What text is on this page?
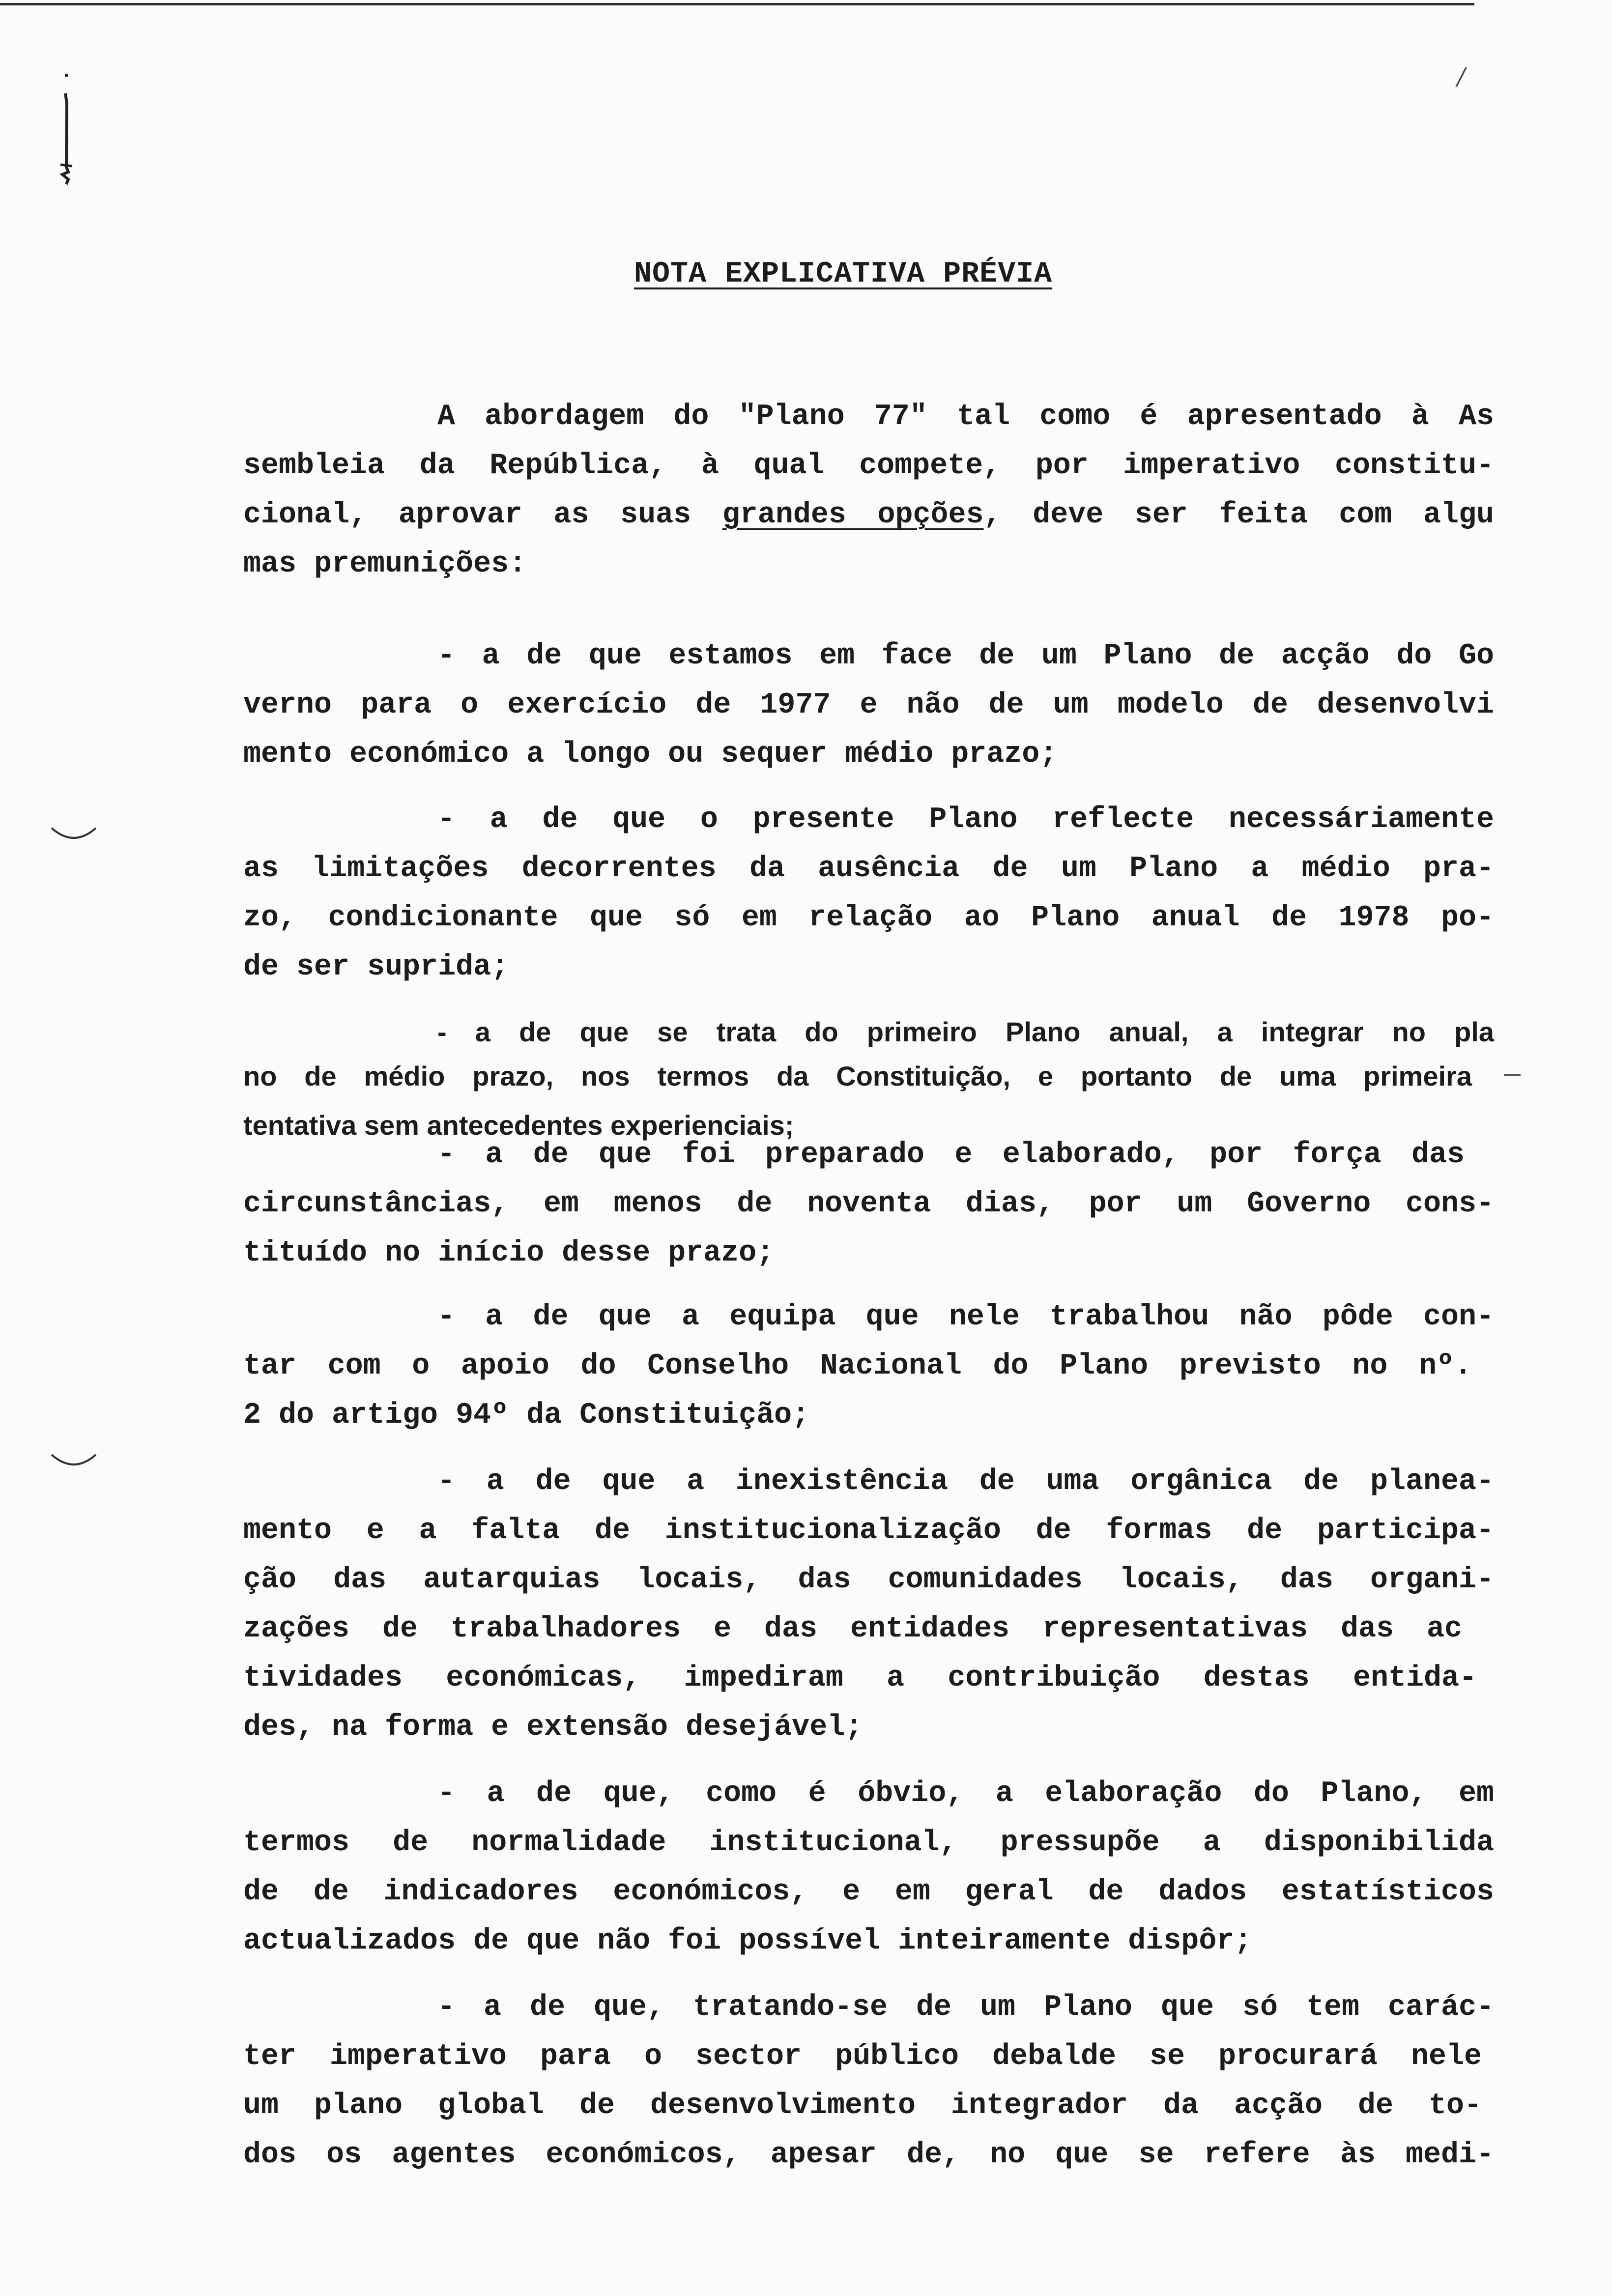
/
NOTA EXPLICATIVA PRÉVIA
A abordagem do "Plano 77" tal como é apresentado à As
sembleia da República, à qual compete, por imperativo constitu-
cional, aprovar as suas grandes opções, deve ser feita com algu
mas premunições:
- a de que estamos em face de um Plano de acção do Go
verno para o exercício de 1977 e não de um modelo de desenvolvi
mento económico a longo ou sequer médio prazo;
- a de que o presente Plano reflecte necessáriamente
as limitações decorrentes da ausência de um Plano a médio pra-
zo, condicionante que só em relação ao Plano anual de 1978 po-
de ser suprida;
- a de que se trata do primeiro Plano anual, a integrar no pla
no de médio prazo, nos termos da Constituição, e portanto de uma primeira
tentativa sem antecedentes experienciais;
- a de que foi preparado e elaborado, por força das
circunstâncias, em menos de noventa dias, por um Governo cons-
tituído no início desse prazo;
- a de que a equipa que nele trabalhou não pôde con-
tar com o apoio do Conselho Nacional do Plano previsto no nº.
2 do artigo 94º da Constituição;
- a de que a inexistência de uma orgânica de planea-
mento e a falta de institucionalização de formas de participa-
ção das autarquias locais, das comunidades locais, das organi-
zações de trabalhadores e das entidades representativas das ac
tividades económicas, impediram a contribuição destas entida-
des, na forma e extensão desejável;
- a de que, como é óbvio, a elaboração do Plano, em
termos de normalidade institucional, pressupõe a disponibilida
de de indicadores económicos, e em geral de dados estatísticos
actualizados de que não foi possível inteiramente dispôr;
- a de que, tratando-se de um Plano que só tem carác-
ter imperativo para o sector público debalde se procurará nele
um plano global de desenvolvimento integrador da acção de to-
dos os agentes económicos, apesar de, no que se refere às medi-
